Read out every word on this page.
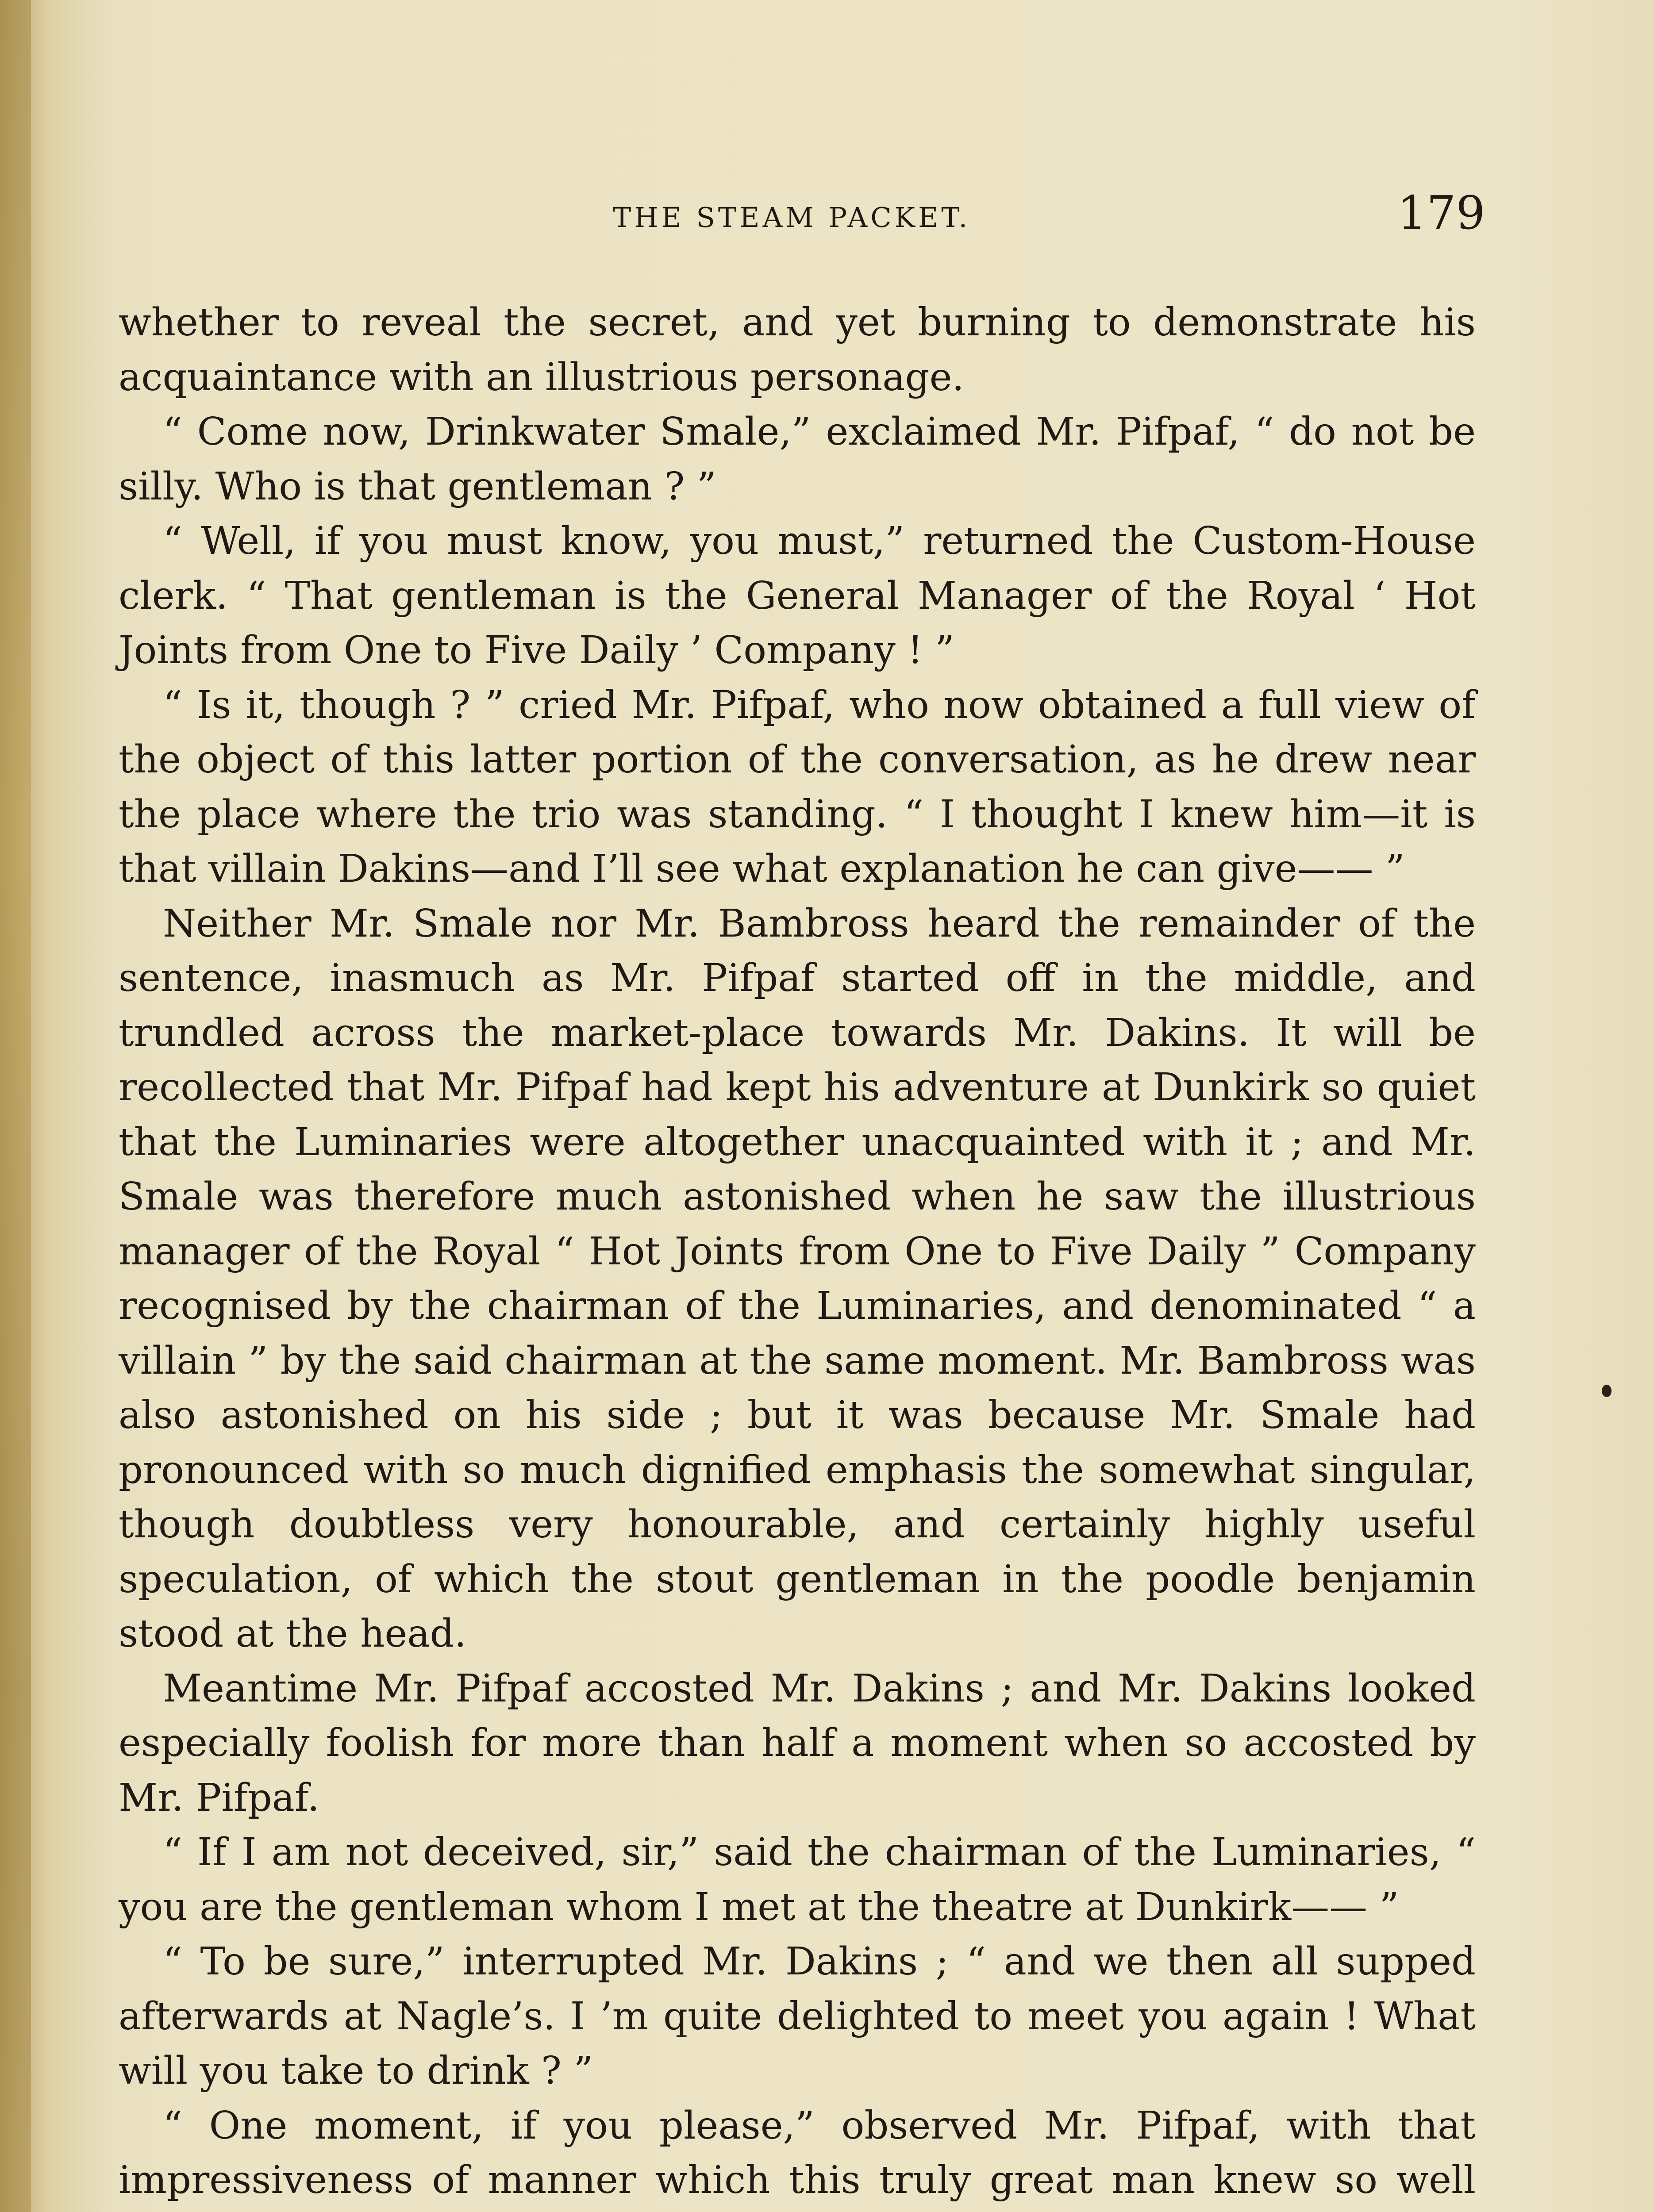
THE STEAM PACKET.	179

whether to reveal the secret, and yet burning to demonstrate his acquaintance with an illustrious personage.

“ Come now, Drinkwater Smale,” exclaimed Mr. Pifpaf, “ do not be silly. Who is that gentleman ? ”

“ Well, if you must know, you must,” returned the Custom-House clerk. “ That gentleman is the General Manager of the Royal ‘ Hot Joints from One to Five Daily ’ Company ! ”

“ Is it, though ? ” cried Mr. Pifpaf, who now obtained a full view of the object of this latter portion of the conversation, as he drew near the place where the trio was standing. “ I thought I knew him—it is that villain Dakins—and I’ll see what explanation he can give—— ”

Neither Mr. Smale nor Mr. Bambross heard the remainder of the sentence, inasmuch as Mr. Pifpaf started off in the middle, and trundled across the market-place towards Mr. Dakins. It will be recollected that Mr. Pifpaf had kept his adventure at Dunkirk so quiet that the Luminaries were altogether unacquainted with it ; and Mr. Smale was therefore much astonished when he saw the illustrious manager of the Royal “ Hot Joints from One to Five Daily ” Company recognised by the chairman of the Luminaries, and denominated “ a villain ” by the said chairman at the same moment. Mr. Bambross was also astonished on his side ; but it was because Mr. Smale had pronounced with so much dignified emphasis the somewhat singular, though doubtless very honourable, and certainly highly useful speculation, of which the stout gentleman in the poodle benjamin stood at the head.

Meantime Mr. Pifpaf accosted Mr. Dakins ; and Mr. Dakins looked especially foolish for more than half a moment when so accosted by Mr. Pifpaf.

“ If I am not deceived, sir,” said the chairman of the Luminaries, “ you are the gentleman whom I met at the theatre at Dunkirk—— ”

“ To be sure,” interrupted Mr. Dakins ; “ and we then all supped afterwards at Nagle’s. I ’m quite delighted to meet you again ! What will you take to drink ? ”

“ One moment, if you please,” observed Mr. Pifpaf, with that impressiveness of manner which this truly great man knew so well
